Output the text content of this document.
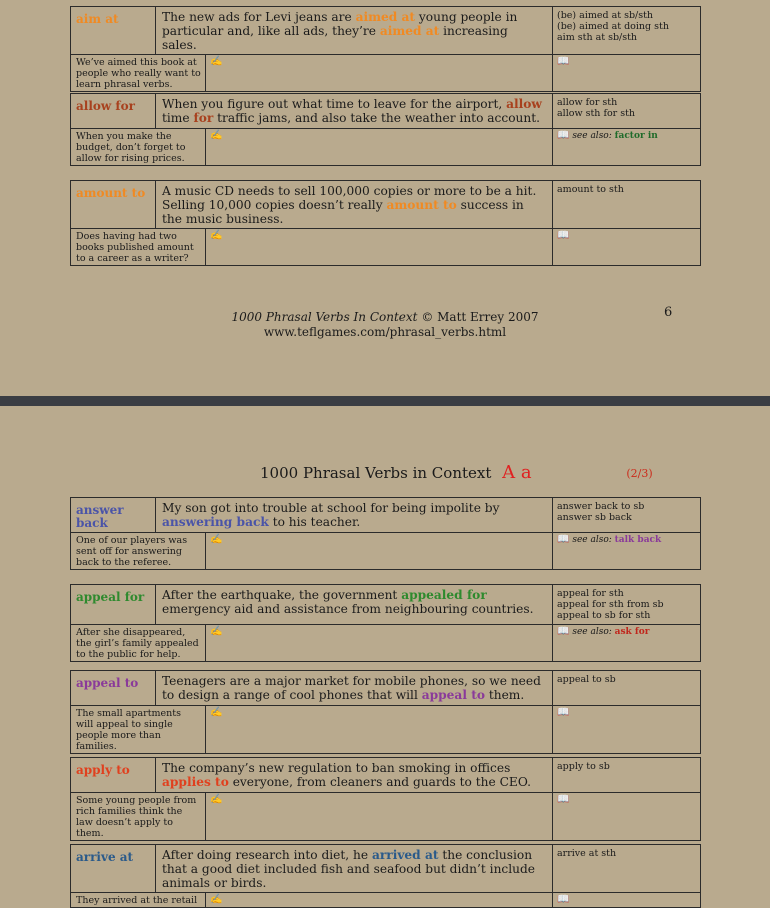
aim at	The new ads for Levi jeans are aimed at young people in particular and, like all ads, they’re aimed at increasing sales.		(be) aimed at sb/sth
(be) aimed at doing sth
aim sth at sb/sth

We’ve aimed this book at people who really want to learn phrasal verbs.		✍	📖
allow for	When you figure out what time to leave for the airport, allow time for traffic jams, and also take the weather into account.		allow for sth
allow sth for sth

When you make the budget, don’t forget to allow for rising prices.		✍	📖 see also: factor in
amount to	A music CD needs to sell 100,000 copies or more to be a hit. Selling 10,000 copies doesn’t really amount to success in the music business.		amount to sth

Does having had two books published amount to a career as a writer?		✍	📖
1000 Phrasal Verbs In Context © Matt Errey 2007
www.teflgames.com/phrasal_verbs.html
6
1000 Phrasal Verbs in Context A a	(2/3)
answer back	My son got into trouble at school for being impolite by answering back to his teacher.		answer back to sb
answer sb back

One of our players was sent off for answering back to the referee.		✍	📖 see also: talk back
appeal for	After the earthquake, the government appealed for emergency aid and assistance from neighbouring countries.		appeal for sth
appeal for sth from sb
appeal to sb for sth

After she disappeared, the girl’s family appealed to the public for help.		✍	📖 see also: ask for
appeal to	Teenagers are a major market for mobile phones, so we need to design a range of cool phones that will appeal to them.		appeal to sb

The small apartments will appeal to single people more than families.		✍	📖
apply to	The company’s new regulation to ban smoking in offices applies to everyone, from cleaners and guards to the CEO.		apply to sb

Some young people from rich families think the law doesn’t apply to them.		✍	📖
arrive at	After doing research into diet, he arrived at the conclusion that a good diet included fish and seafood but didn’t include animals or birds.		arrive at sth

They arrived at the retail		✍	📖
